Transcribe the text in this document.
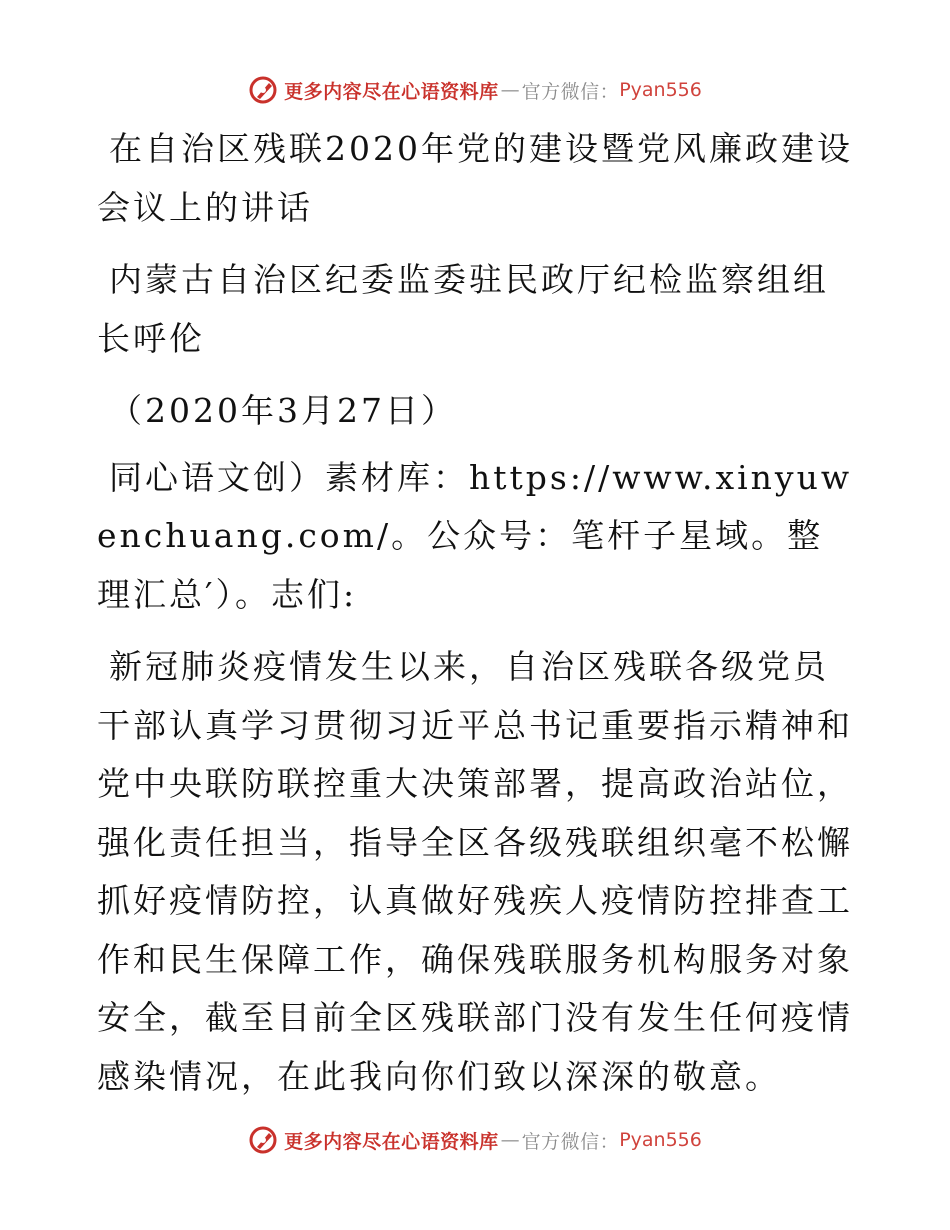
更多内容尽在心语资料库 — 官方微信： Pyan556

在自治区残联2020年党的建设暨党风廉政建设会议上的讲话

内蒙古自治区纪委监委驻民政厅纪检监察组组长呼伦

（2020年3月27日）

同心语文创）素材库：https://www.xinyuwenchuang.com/。公众号：笔杆子星域。整理汇总′）。志们:

新冠肺炎疫情发生以来，自治区残联各级党员干部认真学习贯彻习近平总书记重要指示精神和党中央联防联控重大决策部署，提高政治站位，强化责任担当，指导全区各级残联组织毫不松懈抓好疫情防控，认真做好残疾人疫情防控排查工作和民生保障工作，确保残联服务机构服务对象安全，截至目前全区残联部门没有发生任何疫情感染情况，在此我向你们致以深深的敬意。

更多内容尽在心语资料库 — 官方微信： Pyan556
